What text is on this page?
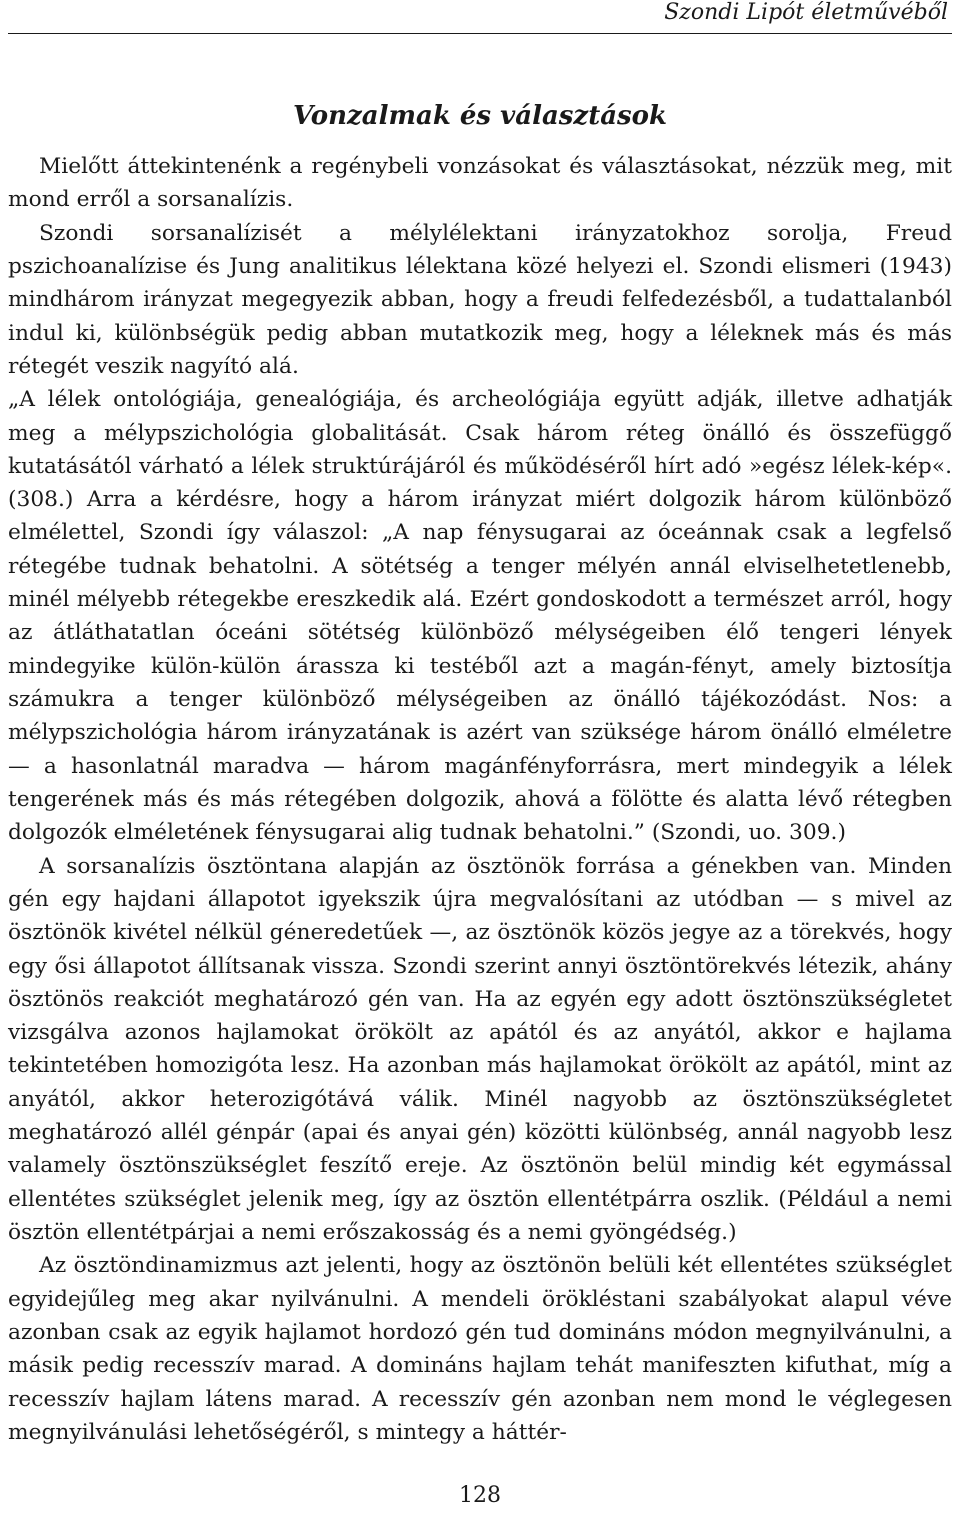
Szondi Lipót életművéből
Vonzalmak és választások

Mielőtt áttekintenénk a regénybeli vonzásokat és választásokat, nézzük meg, mit mond erről a sorsanalízis.

Szondi sorsanalízisét a mélylélektani irányzatokhoz sorolja, Freud pszichoanalízise és Jung analitikus lélektana közé helyezi el. Szondi elismeri (1943) mindhárom irányzat megegyezik abban, hogy a freudi felfedezésből, a tudattalanból indul ki, különbségük pedig abban mutatkozik meg, hogy a léleknek más és más rétegét veszik nagyító alá.

„A lélek ontológiája, genealógiája, és archeológiája együtt adják, illetve adhatják meg a mélypszichológia globalitását. Csak három réteg önálló és összefüggő kutatásától várható a lélek struktúrájáról és működéséről hírt adó »egész lélek-kép«. (308.) Arra a kérdésre, hogy a három irányzat miért dolgozik három különböző elmélettel, Szondi így válaszol: „A nap fénysugarai az óceánnak csak a legfelső rétegébe tudnak behatolni. A sötétség a tenger mélyén annál elviselhetetlenebb, minél mélyebb rétegekbe ereszkedik alá. Ezért gondoskodott a természet arról, hogy az átláthatatlan óceáni sötétség különböző mélységeiben élő tengeri lények mindegyike külön-külön árassza ki testéből azt a magán-fényt, amely biztosítja számukra a tenger különböző mélységeiben az önálló tájékozódást. Nos: a mélypszichológia három irányzatának is azért van szüksége három önálló elméletre — a hasonlatnál maradva — három magánfényforrásra, mert mindegyik a lélek tengerének más és más rétegében dolgozik, ahová a fölötte és alatta lévő rétegben dolgozók elméletének fénysugarai alig tudnak behatolni.” (Szondi, uo. 309.)

A sorsanalízis ösztöntana alapján az ösztönök forrása a génekben van. Minden gén egy hajdani állapotot igyekszik újra megvalósítani az utódban — s mivel az ösztönök kivétel nélkül géneredetűek —, az ösztönök közös jegye az a törekvés, hogy egy ősi állapotot állítsanak vissza. Szondi szerint annyi ösztöntörekvés létezik, ahány ösztönös reakciót meghatározó gén van. Ha az egyén egy adott ösztönszükségletet vizsgálva azonos hajlamokat örökölt az apától és az anyától, akkor e hajlama tekintetében homozigóta lesz. Ha azonban más hajlamokat örökölt az apától, mint az anyától, akkor heterozigótává válik. Minél nagyobb az ösztönszükségletet meghatározó allél génpár (apai és anyai gén) közötti különbség, annál nagyobb lesz valamely ösztönszükséglet feszítő ereje. Az ösztönön belül mindig két egymással ellentétes szükséglet jelenik meg, így az ösztön ellentétpárra oszlik. (Például a nemi ösztön ellentétpárjai a nemi erőszakosság és a nemi gyöngédség.)

Az ösztöndinamizmus azt jelenti, hogy az ösztönön belüli két ellentétes szükséglet egyidejűleg meg akar nyilvánulni. A mendeli örökléstani szabályokat alapul véve azonban csak az egyik hajlamot hordozó gén tud domináns módon megnyilvánulni, a másik pedig recesszív marad. A domináns hajlam tehát manifeszten kifuthat, míg a recesszív hajlam látens marad. A recesszív gén azonban nem mond le véglegesen megnyilvánulási lehetőségéről, s mintegy a háttér-

128
